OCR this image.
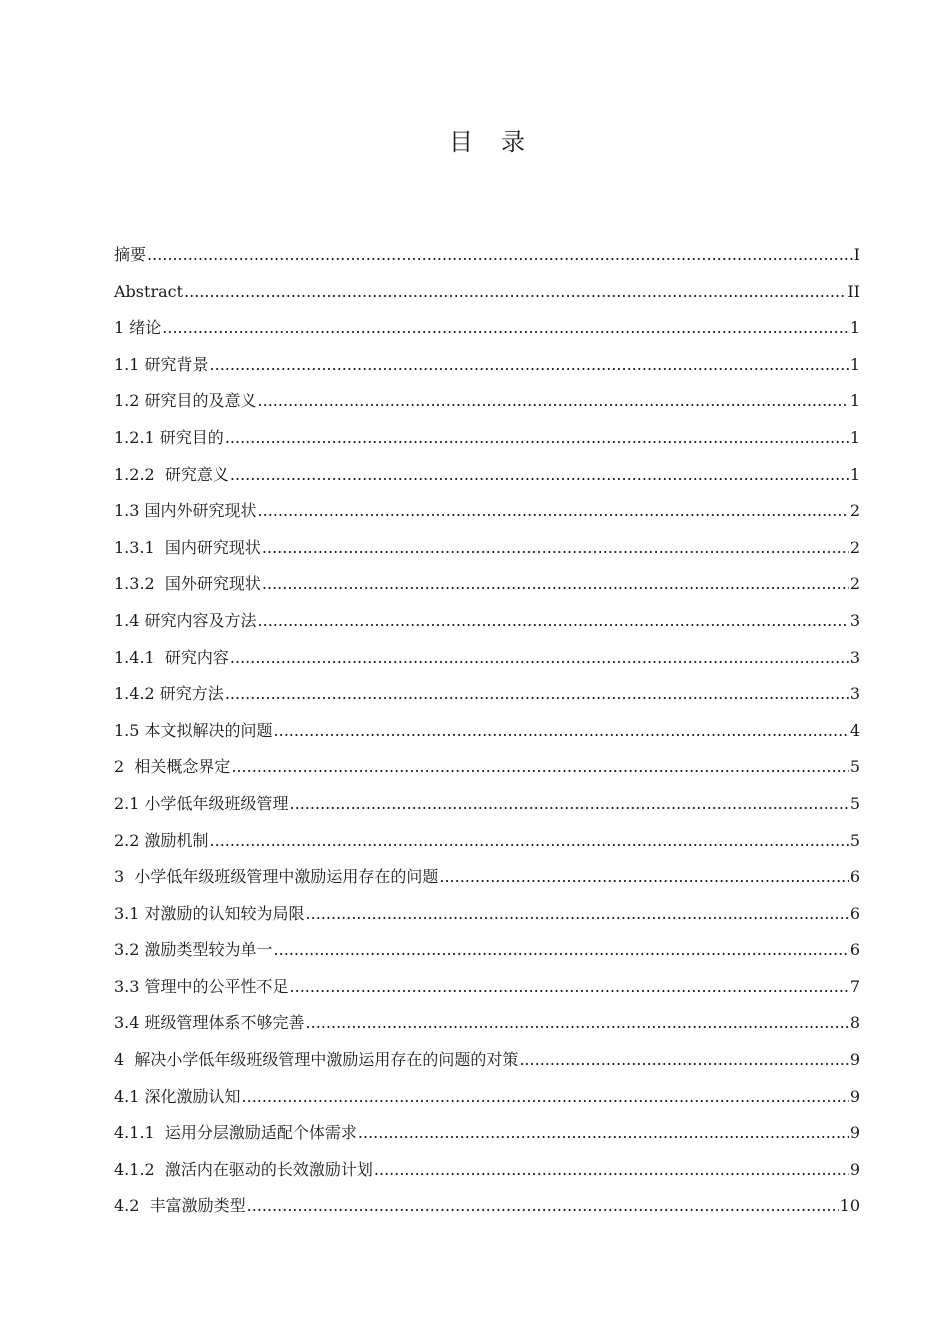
目　录
摘要 .....	I
Abstract .....	II
1 绪论 .....	1
1.1 研究背景 .....	1
1.2 研究目的及意义 .....	1
1.2.1 研究目的 .....	1
1.2.2  研究意义 .....	1
1.3 国内外研究现状 .....	2
1.3.1  国内研究现状 .....	2
1.3.2  国外研究现状 .....	2
1.4 研究内容及方法 .....	3
1.4.1  研究内容 .....	3
1.4.2 研究方法 .....	3
1.5 本文拟解决的问题 .....	4
2  相关概念界定 .....	5
2.1 小学低年级班级管理 .....	5
2.2 激励机制 .....	5
3  小学低年级班级管理中激励运用存在的问题 .....	6
3.1 对激励的认知较为局限 .....	6
3.2 激励类型较为单一 .....	6
3.3 管理中的公平性不足 .....	7
3.4 班级管理体系不够完善 .....	8
4  解决小学低年级班级管理中激励运用存在的问题的对策 .....	9
4.1 深化激励认知 .....	9
4.1.1  运用分层激励适配个体需求 .....	9
4.1.2  激活内在驱动的长效激励计划 .....	9
4.2  丰富激励类型 .....	10
